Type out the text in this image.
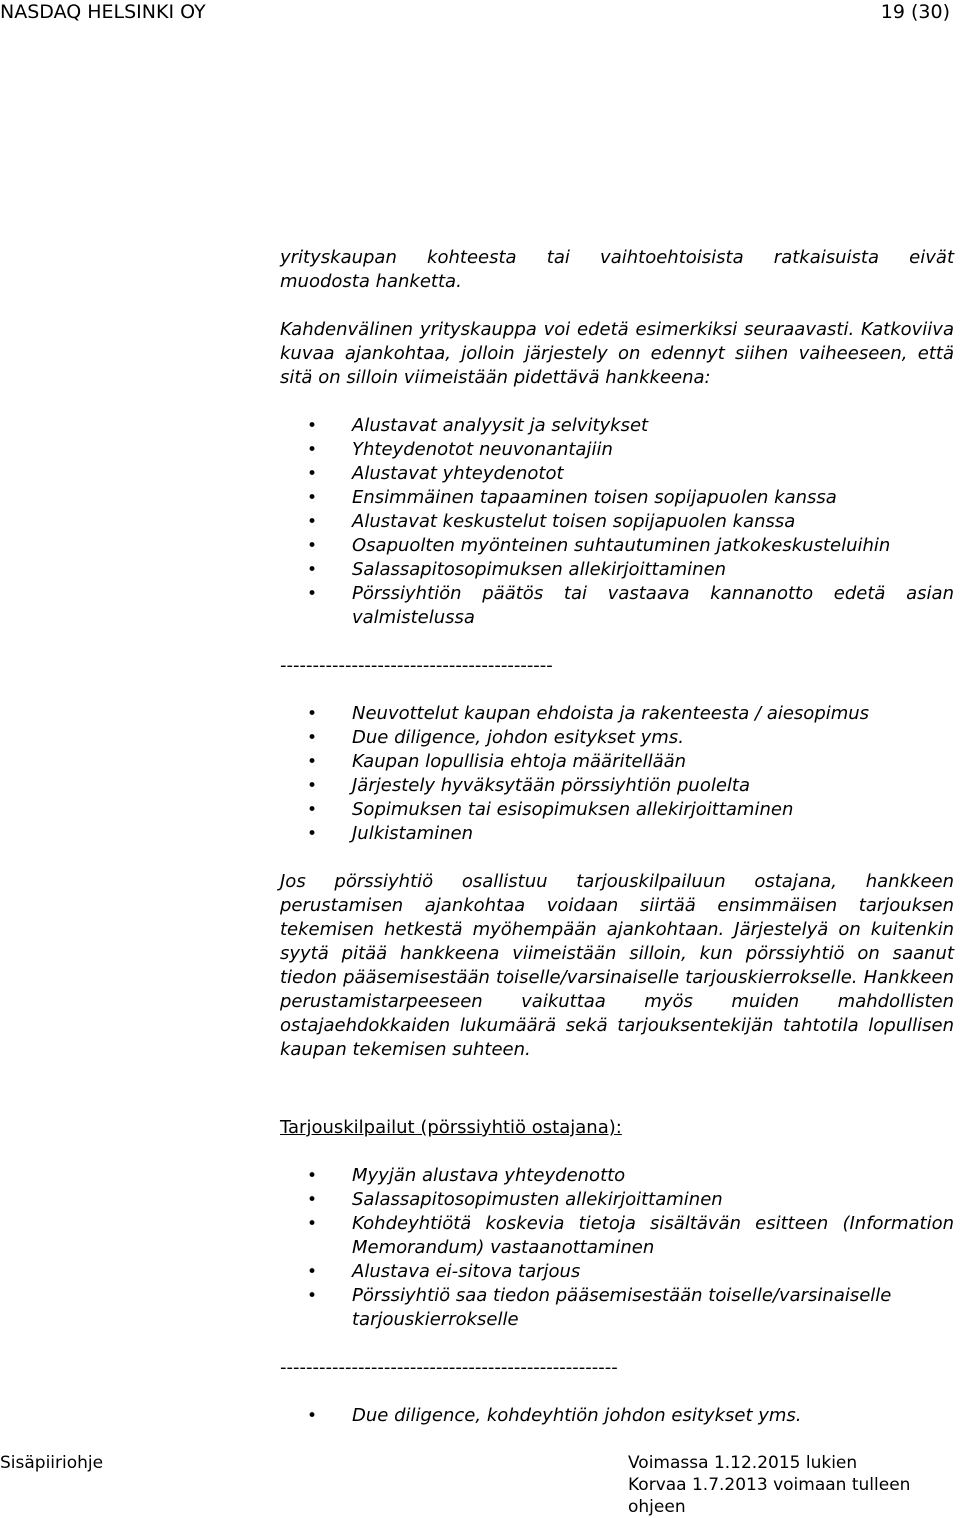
NASDAQ HELSINKI OY	19 (30)

yrityskaupan kohteesta tai vaihtoehtoisista ratkaisuista eivät

muodosta hanketta.

Kahdenvälinen yrityskauppa voi edetä esimerkiksi seuraavasti. Katkoviiva kuvaa ajankohtaa, jolloin järjestely on edennyt siihen vaiheeseen, että sitä on silloin viimeistään pidettävä hankkeena:

• Alustavat analyysit ja selvitykset
• Yhteydenotot neuvonantajiin
• Alustavat yhteydenotot
• Ensimmäinen tapaaminen toisen sopijapuolen kanssa
• Alustavat keskustelut toisen sopijapuolen kanssa
• Osapuolten myönteinen suhtautuminen jatkokeskusteluihin
• Salassapitosopimuksen allekirjoittaminen
• Pörssiyhtiön päätös tai vastaava kannanotto edetä asian valmistelussa

------------------------------------------

• Neuvottelut kaupan ehdoista ja rakenteesta / aiesopimus
• Due diligence, johdon esitykset yms.
• Kaupan lopullisia ehtoja määritellään
• Järjestely hyväksytään pörssiyhtiön puolelta
• Sopimuksen tai esisopimuksen allekirjoittaminen
• Julkistaminen

Jos pörssiyhtiö osallistuu tarjouskilpailuun ostajana, hankkeen perustamisen ajankohtaa voidaan siirtää ensimmäisen tarjouksen tekemisen hetkestä myöhempään ajankohtaan. Järjestelyä on kuitenkin syytä pitää hankkeena viimeistään silloin, kun pörssiyhtiö on saanut tiedon pääsemisestään toiselle/varsinaiselle tarjouskierrokselle. Hankkeen perustamistarpeeseen vaikuttaa myös muiden mahdollisten ostajaehdokkaiden lukumäärä sekä tarjouksentekijän tahtotila lopullisen kaupan tekemisen suhteen.

Tarjouskilpailut (pörssiyhtiö ostajana):

• Myyjän alustava yhteydenotto
• Salassapitosopimusten allekirjoittaminen
• Kohdeyhtiötä koskevia tietoja sisältävän esitteen (Information Memorandum) vastaanottaminen
• Alustava ei-sitova tarjous
• Pörssiyhtiö saa tiedon pääsemisestään toiselle/varsinaiselle tarjouskierrokselle

----------------------------------------------------

• Due diligence, kohdeyhtiön johdon esitykset yms.
Sisäpiiriohje	Voimassa 1.12.2015 lukien
Korvaa 1.7.2013 voimaan tulleen ohjeen
